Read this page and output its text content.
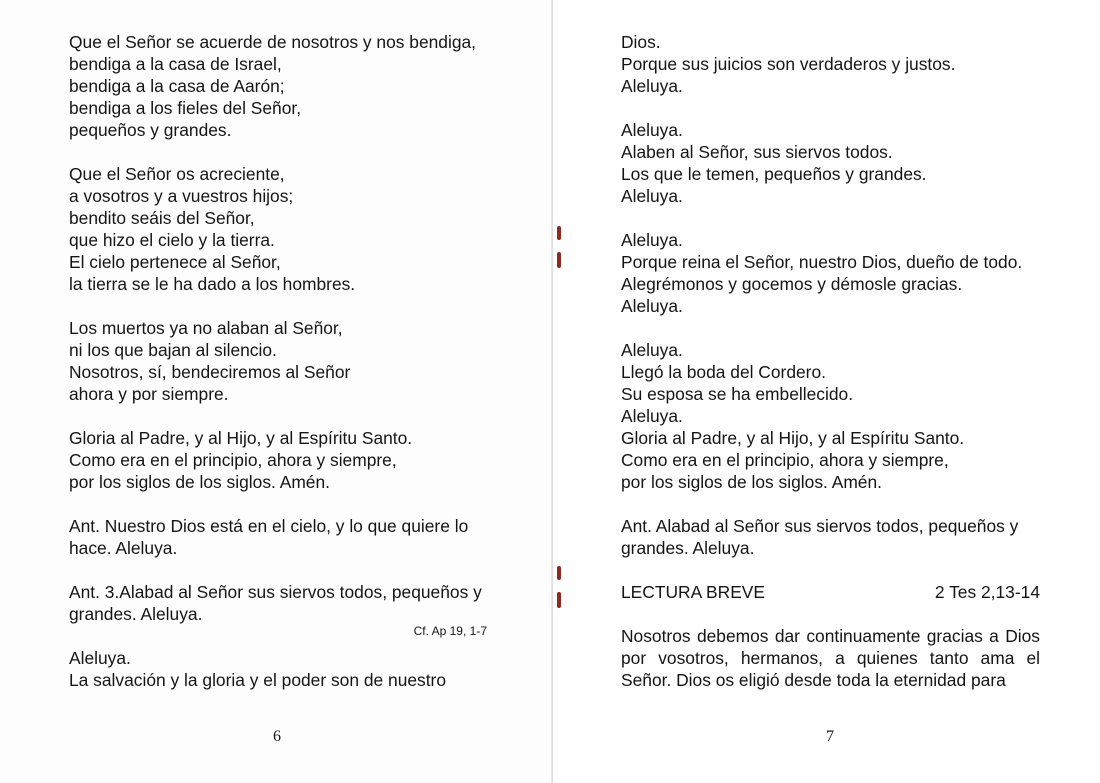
Que el Señor se acuerde de nosotros y nos bendiga,
bendiga a la casa de Israel,
bendiga a la casa de Aarón;
bendiga a los fieles del Señor,
pequeños y grandes.
Que el Señor os acreciente,
a vosotros y a vuestros hijos;
bendito seáis del Señor,
que hizo el cielo y la tierra.
El cielo pertenece al Señor,
la tierra se le ha dado a los hombres.
Los muertos ya no alaban al Señor,
ni los que bajan al silencio.
Nosotros, sí, bendeciremos al Señor
ahora y por siempre.
Gloria al Padre, y al Hijo, y al Espíritu Santo.
Como era en el principio, ahora y siempre,
por los siglos de los siglos. Amén.
Ant. Nuestro Dios está en el cielo, y lo que quiere lo hace. Aleluya.
Ant. 3.Alabad al Señor sus siervos todos, pequeños y grandes. Aleluya.
Cf. Ap 19, 1-7
Aleluya.
La salvación y la gloria y el poder son de nuestro
Dios.
Porque sus juicios son verdaderos y justos.
Aleluya.
Aleluya.
Alaben al Señor, sus siervos todos.
Los que le temen, pequeños y grandes.
Aleluya.
Aleluya.
Porque reina el Señor, nuestro Dios, dueño de todo.
Alegrémonos y gocemos y démosle gracias.
Aleluya.
Aleluya.
Llegó la boda del Cordero.
Su esposa se ha embellecido.
Aleluya.
Gloria al Padre, y al Hijo, y al Espíritu Santo.
Como era en el principio, ahora y siempre,
por los siglos de los siglos. Amén.
Ant. Alabad al Señor sus siervos todos, pequeños y grandes. Aleluya.
LECTURA BREVE	2 Tes 2,13-14
Nosotros debemos dar continuamente gracias a Dios por vosotros, hermanos, a quienes tanto ama el Señor. Dios os eligió desde toda la eternidad para
6	7
